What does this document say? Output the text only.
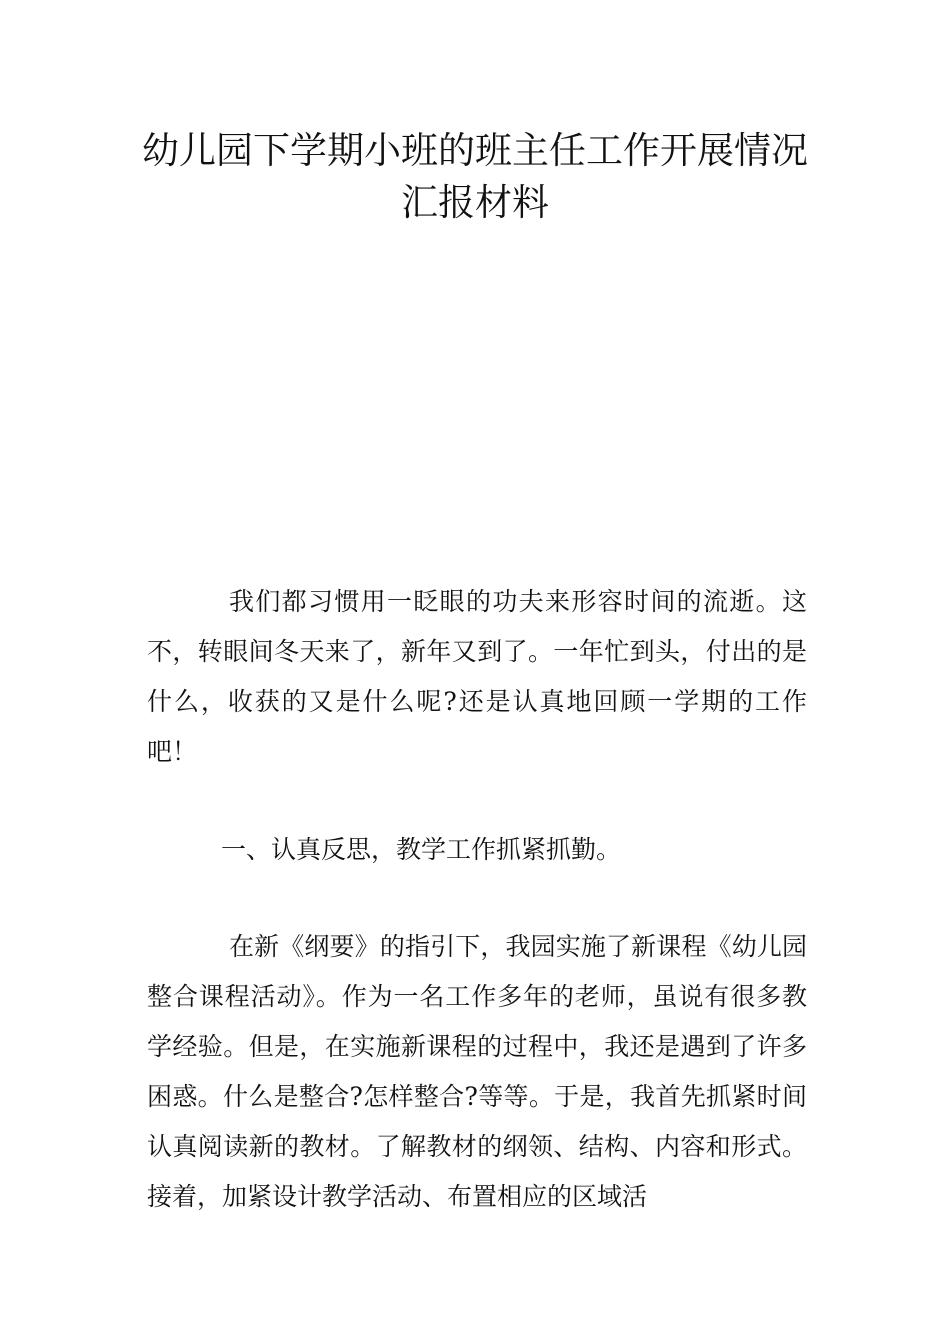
幼儿园下学期小班的班主任工作开展情况汇报材料

我们都习惯用一眨眼的功夫来形容时间的流逝。这不，转眼间冬天来了，新年又到了。一年忙到头，付出的是什么，收获的又是什么呢?还是认真地回顾一学期的工作吧！

一、认真反思，教学工作抓紧抓勤。

在新《纲要》的指引下，我园实施了新课程《幼儿园整合课程活动》。作为一名工作多年的老师，虽说有很多教学经验。但是，在实施新课程的过程中，我还是遇到了许多困惑。什么是整合?怎样整合?等等。于是，我首先抓紧时间认真阅读新的教材。了解教材的纲领、结构、内容和形式。接着，加紧设计教学活动、布置相应的区域活
